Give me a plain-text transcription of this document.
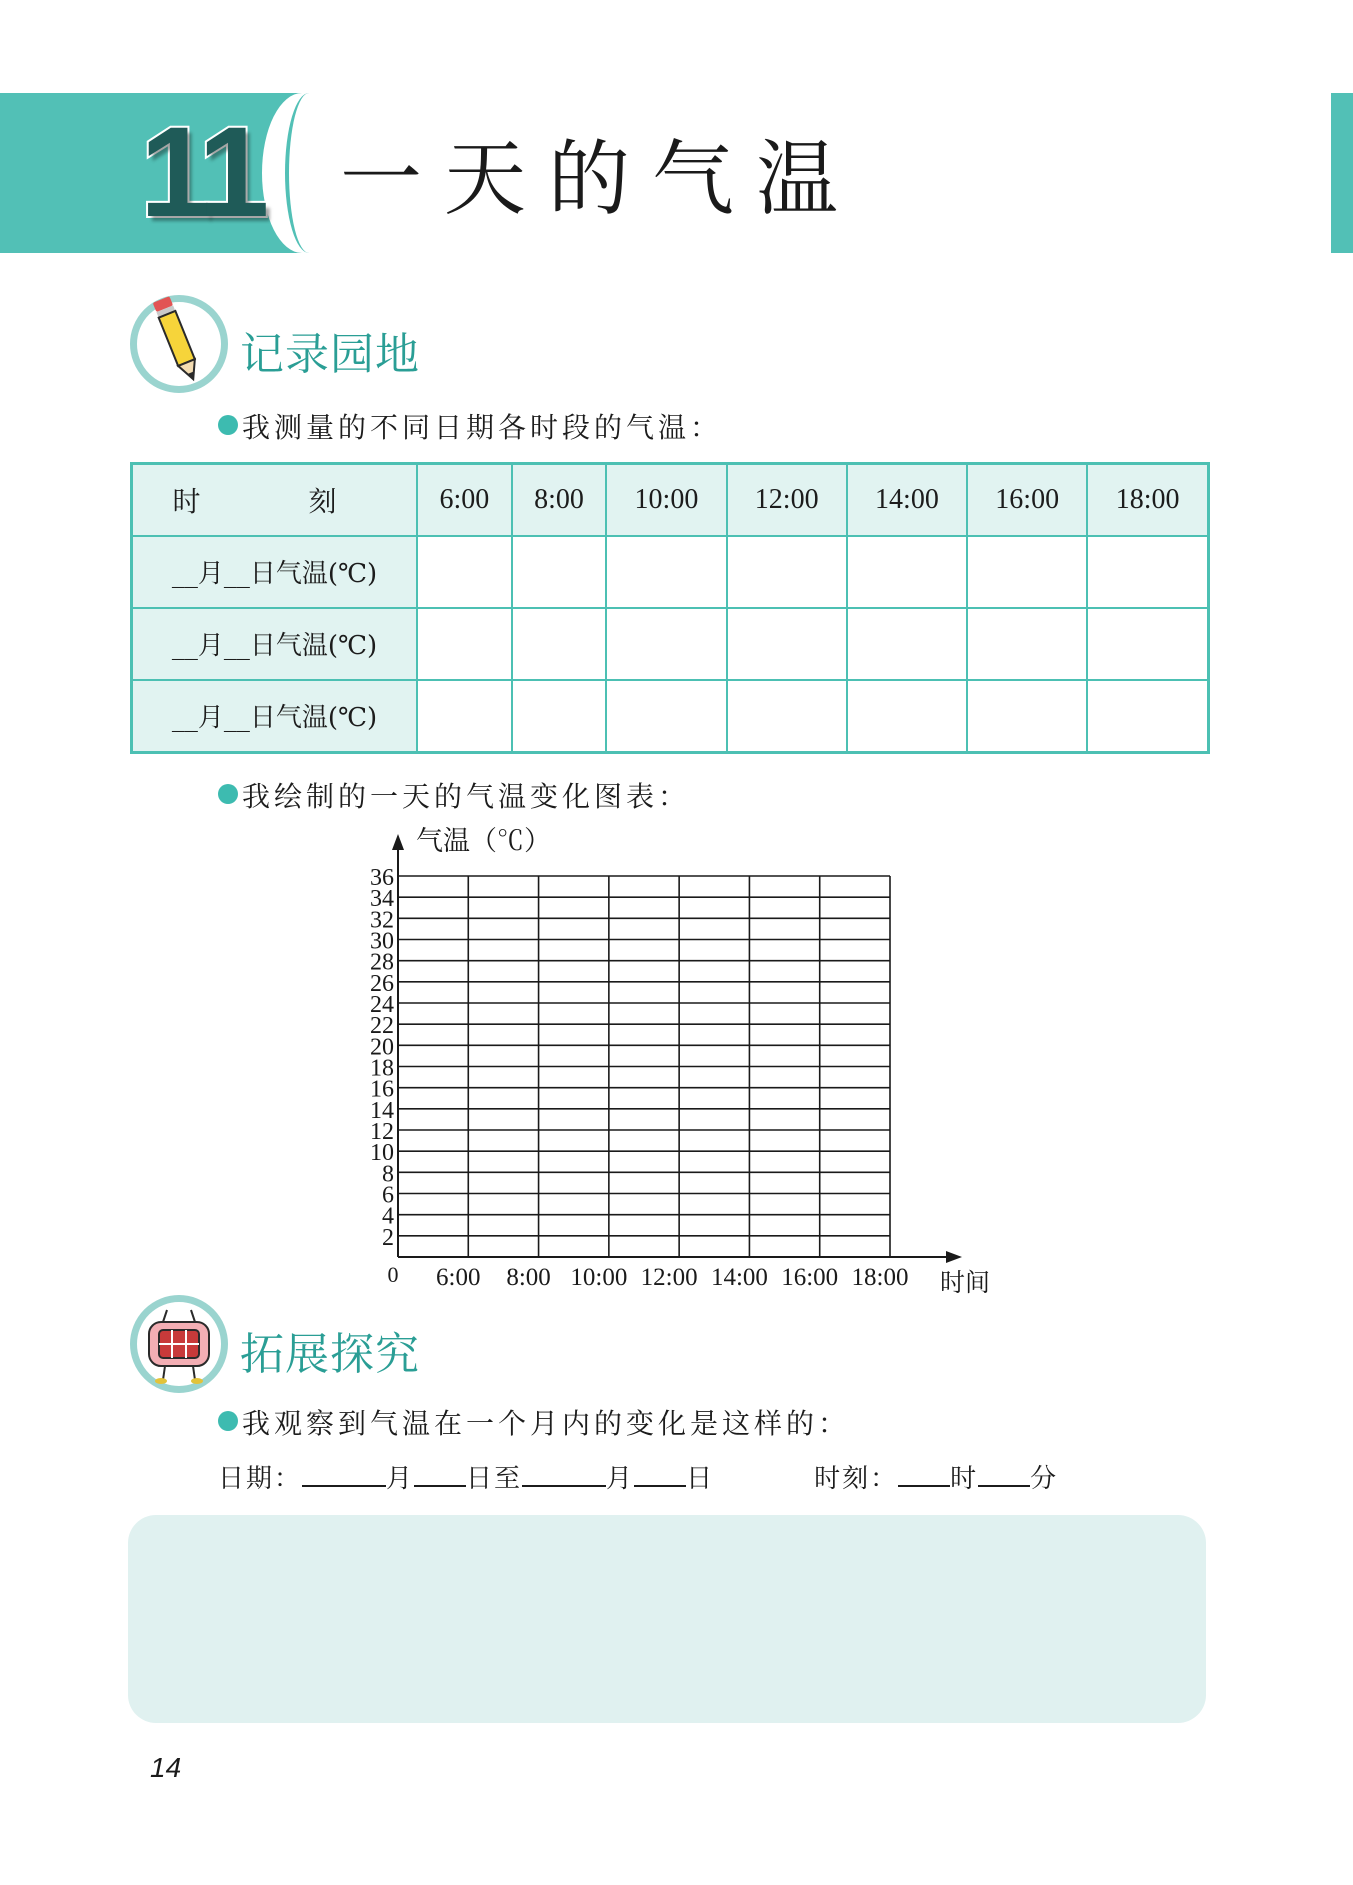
11 一天的气温
记录园地
我测量的不同日期各时段的气温：
时　刻	6:00	8:00	10:00	12:00	14:00	16:00	18:00
__月__日气温(℃)							
__月__日气温(℃)							
__月__日气温(℃)							
我绘制的一天的气温变化图表：
2
4
6
8
10
12
14
16
18
20
22
24
26
28
30
32
34
36
6:00 8:00 10:00 12:00 14:00 16:00 18:00
0
气温（℃）
时间
拓展探究
我观察到气温在一个月内的变化是这样的：
日期：	月 日至	月 日	时刻： 时 分
14
